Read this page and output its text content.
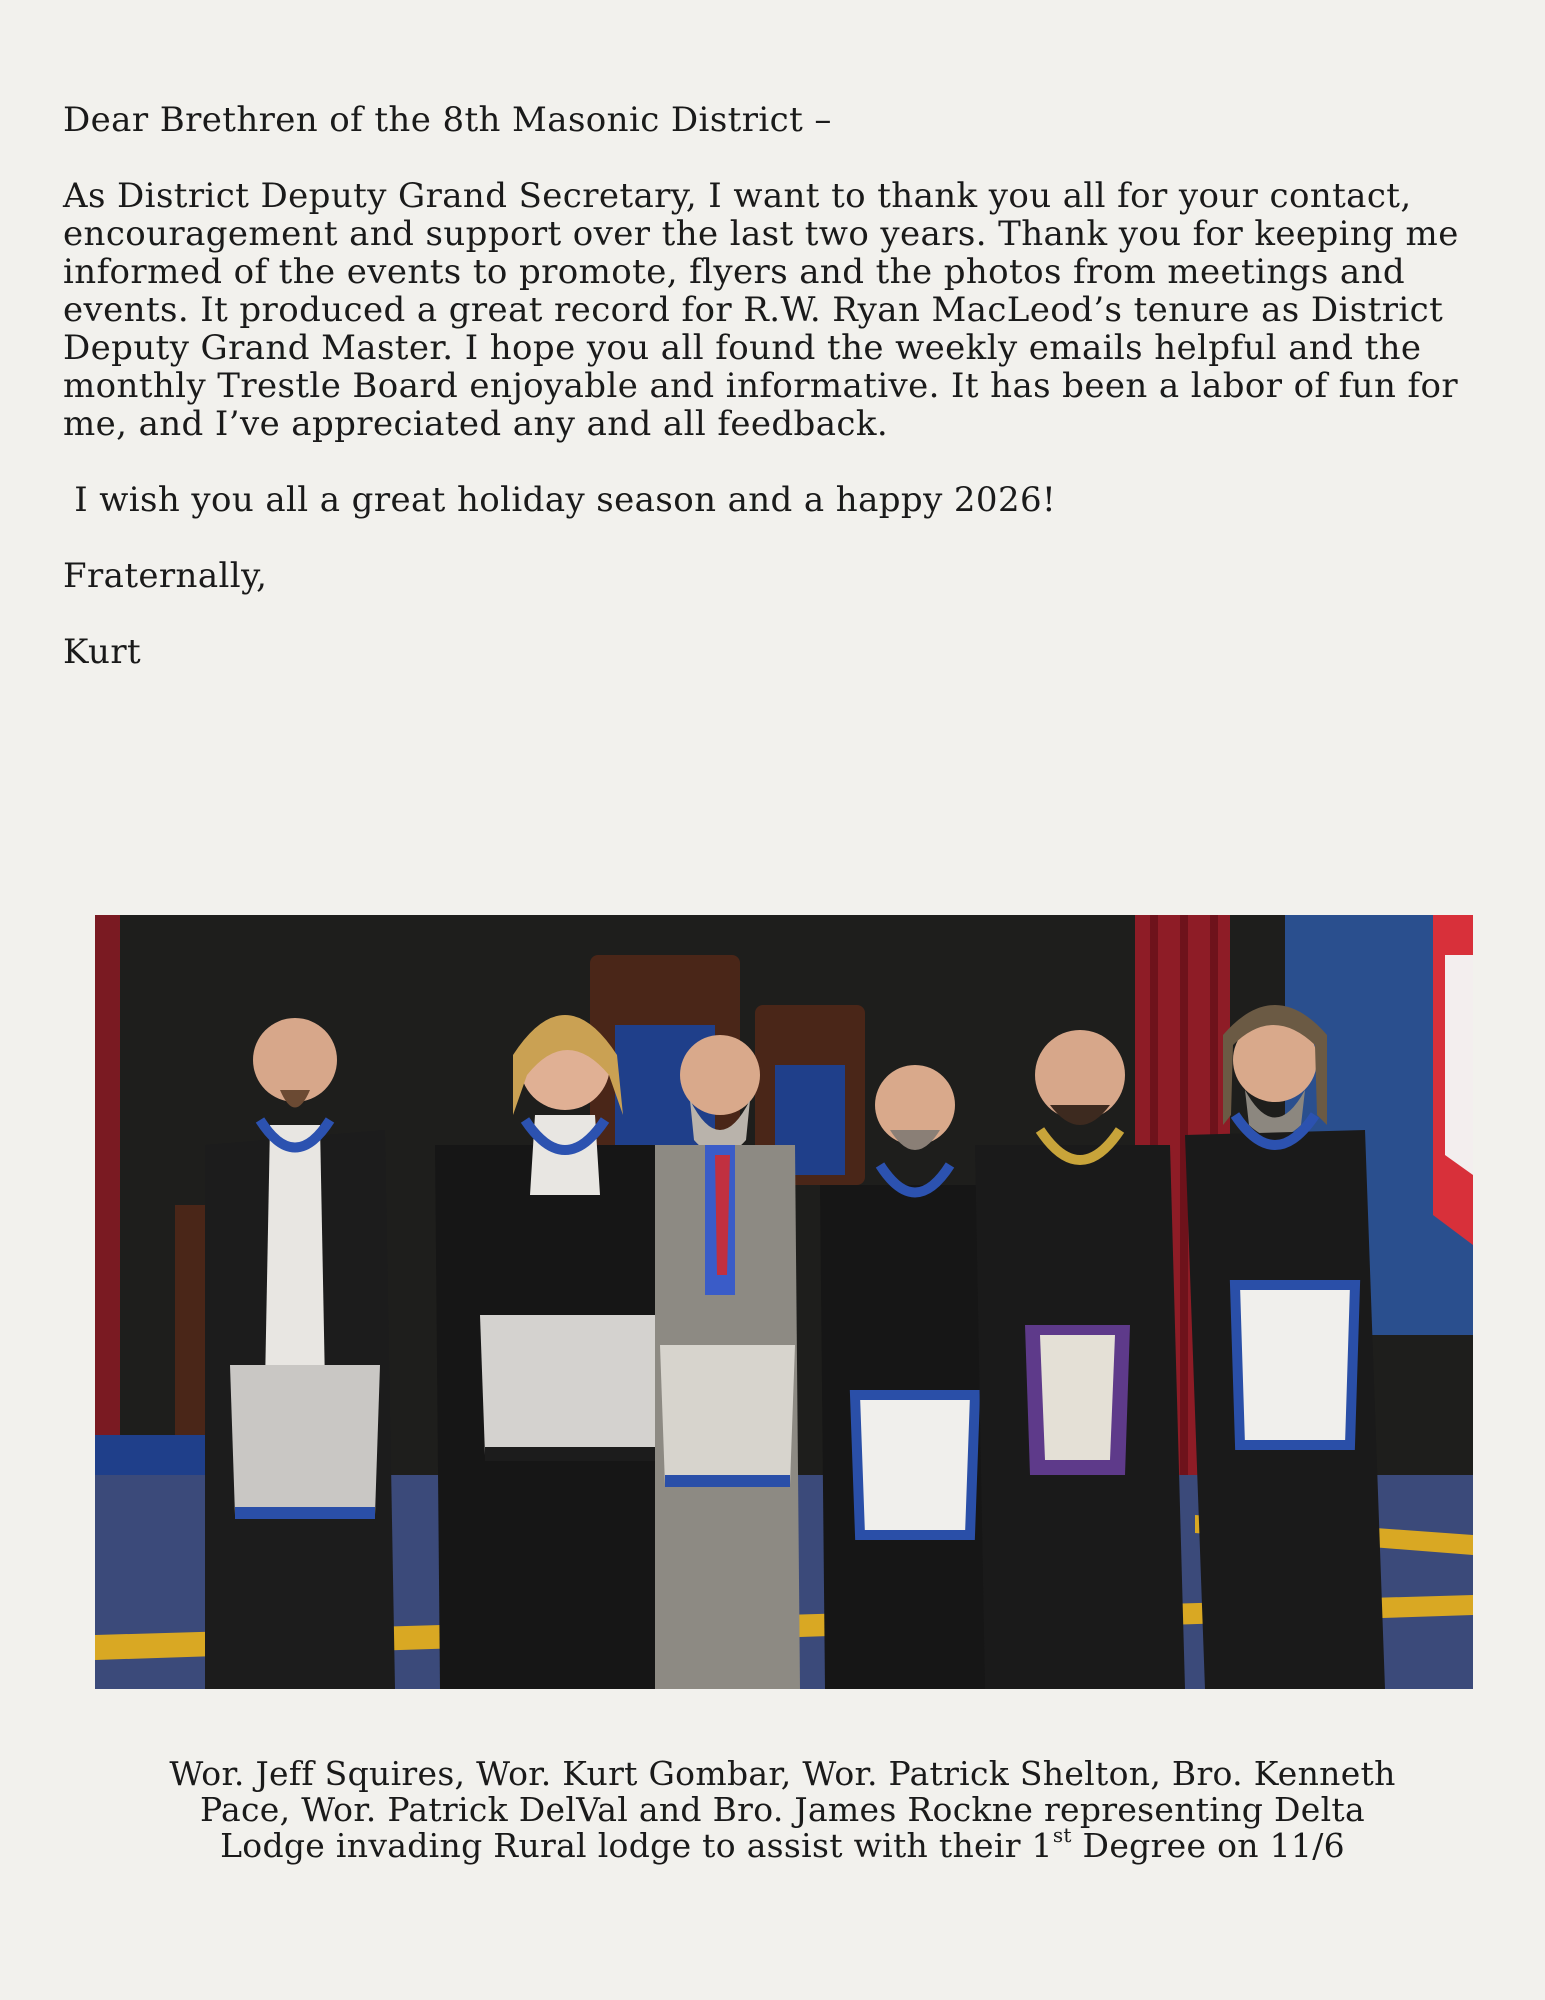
Dear Brethren of the 8th Masonic District –

As District Deputy Grand Secretary, I want to thank you all for your contact, encouragement and support over the last two years. Thank you for keeping me informed of the events to promote, flyers and the photos from meetings and events. It produced a great record for R.W. Ryan MacLeod’s tenure as District Deputy Grand Master. I hope you all found the weekly emails helpful and the monthly Trestle Board enjoyable and informative. It has been a labor of fun for me, and I’ve appreciated any and all feedback.

I wish you all a great holiday season and a happy 2026!

Fraternally,

Kurt

Wor. Jeff Squires, Wor. Kurt Gombar, Wor. Patrick Shelton, Bro. Kenneth Pace, Wor. Patrick DelVal and Bro. James Rockne representing Delta Lodge invading Rural lodge to assist with their 1st Degree on 11/6
